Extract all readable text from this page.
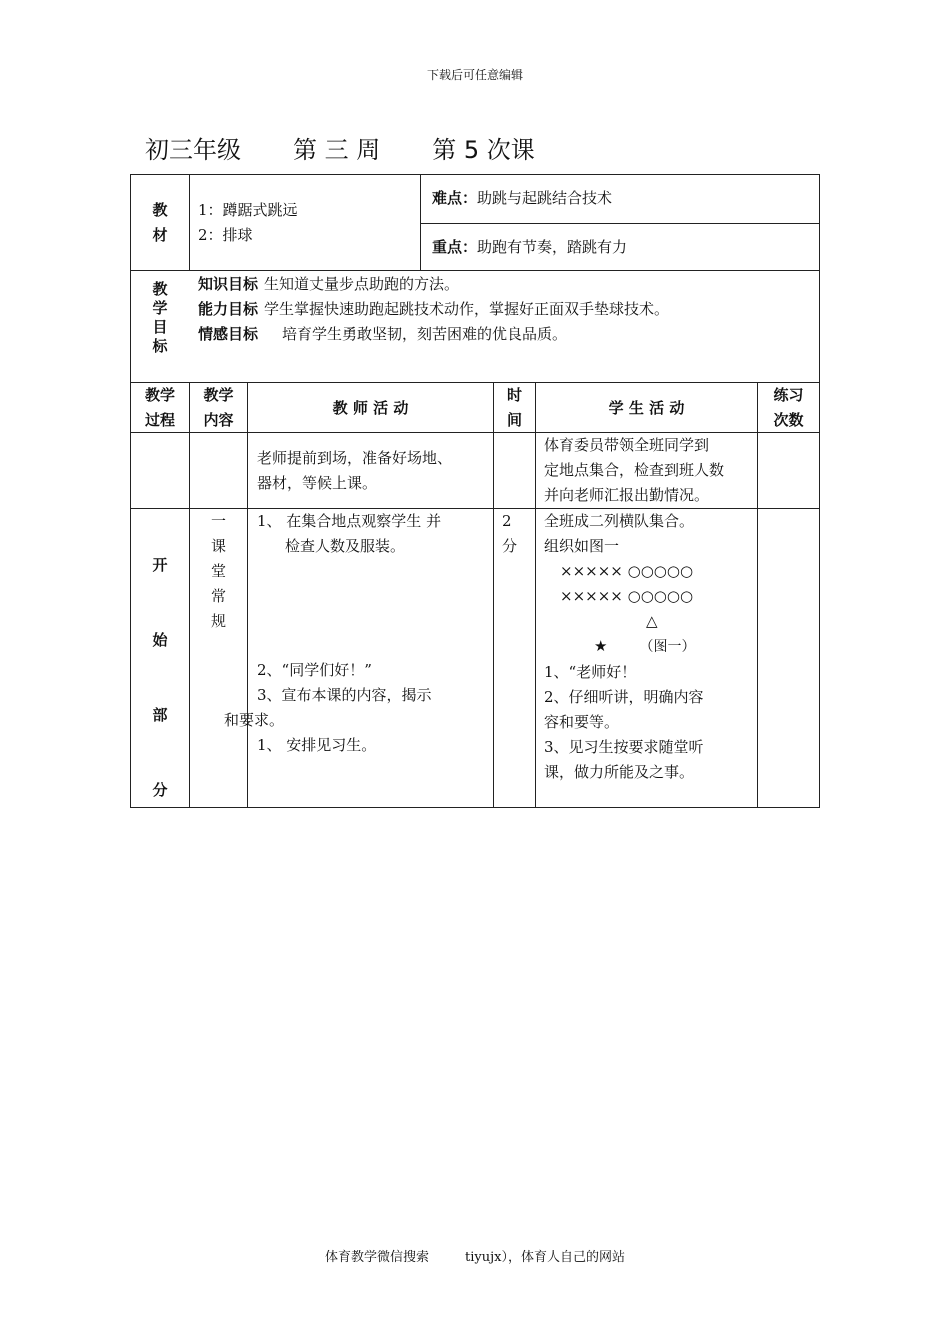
下载后可任意编辑
初三年级 第 三 周 第 5 次课
教
材
1：蹲踞式跳远
2：排球
难点：助跳与起跳结合技术
重点：助跑有节奏，踏跳有力
教
学
目
标
知识目标 生知道丈量步点助跑的方法。
能力目标 学生掌握快速助跑起跳技术动作，掌握好正面双手垫球技术。
情感目标 培育学生勇敢坚韧，刻苦困难的优良品质。
教学
过程
教学
内容
教 师 活 动
时
间
学 生 活 动
练习
次数
老师提前到场，准备好场地、
器材，等候上课。
体育委员带领全班同学到
定地点集合，检查到班人数
并向老师汇报出勤情况。
开
始
部
分
一
课
堂
常
规
1、 在集合地点观察学生 并
检查人数及服装。
2、“同学们好！”
3、宣布本课的内容，揭示
和要求。
1、 安排见习生。
2
分
全班成二列横队集合。
组织如图一
××××× ○○○○○
××××× ○○○○○
△
★ （图一）
1、“老师好！
2、仔细听讲，明确内容
容和要等。
3、见习生按要求随堂听
课，做力所能及之事。
体育教学微信搜索	tiyujx），体育人自己的网站
